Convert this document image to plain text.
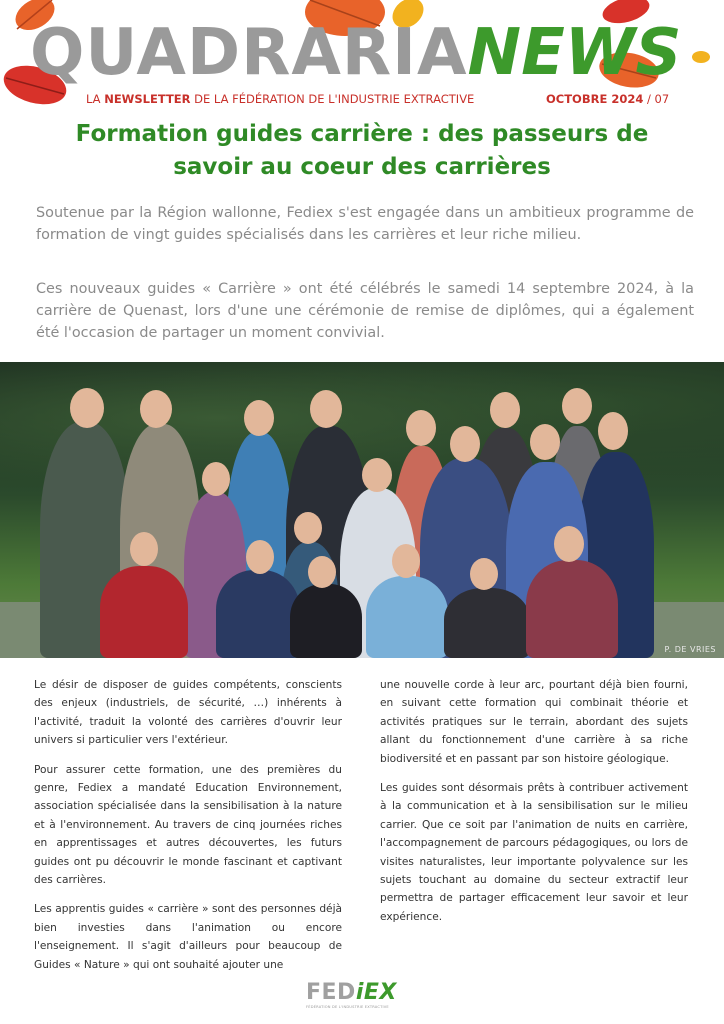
QUADRARIANEWS
LA NEWSLETTER DE LA FÉDÉRATION DE L'INDUSTRIE EXTRACTIVE	OCTOBRE 2024 / 07
Formation guides carrière : des passeurs de
savoir au coeur des carrières

Soutenue par la Région wallonne, Fediex s'est engagée dans un ambitieux programme de formation de vingt guides spécialisés dans les carrières et leur riche milieu.

Ces nouveaux guides « Carrière » ont été célébrés le samedi 14 septembre 2024, à la carrière de Quenast, lors d'une une cérémonie de remise de diplômes, qui a également été l'occasion de partager un moment convivial.

P. DE VRIES

Le désir de disposer de guides compétents, conscients des enjeux (industriels, de sécurité, …) inhérents à l'activité, traduit la volonté des carrières d'ouvrir leur univers si particulier vers l'extérieur.

Pour assurer cette formation, une des premières du genre, Fediex a mandaté Education Environnement, association spécialisée dans la sensibilisation à la nature et à l'environnement. Au travers de cinq journées riches en apprentissages et autres découvertes, les futurs guides ont pu découvrir le monde fascinant et captivant des carrières.

Les apprentis guides « carrière » sont des personnes déjà bien investies dans l'animation ou encore l'enseignement. Il s'agit d'ailleurs pour beaucoup de Guides « Nature » qui ont souhaité ajouter une

une nouvelle corde à leur arc, pourtant déjà bien fourni, en suivant cette formation qui combinait théorie et activités pratiques sur le terrain, abordant des sujets allant du fonctionnement d'une carrière à sa riche biodiversité et en passant par son histoire géologique.

Les guides sont désormais prêts à contribuer activement à la communication et à la sensibilisation sur le milieu carrier. Que ce soit par l'animation de nuits en carrière, l'accompagnement de parcours pédagogiques, ou lors de visites naturalistes, leur importante polyvalence sur les sujets touchant au domaine du secteur extractif leur permettra de partager efficacement leur savoir et leur expérience.

FEDiEX
FÉDÉRATION DE L'INDUSTRIE EXTRACTIVE
